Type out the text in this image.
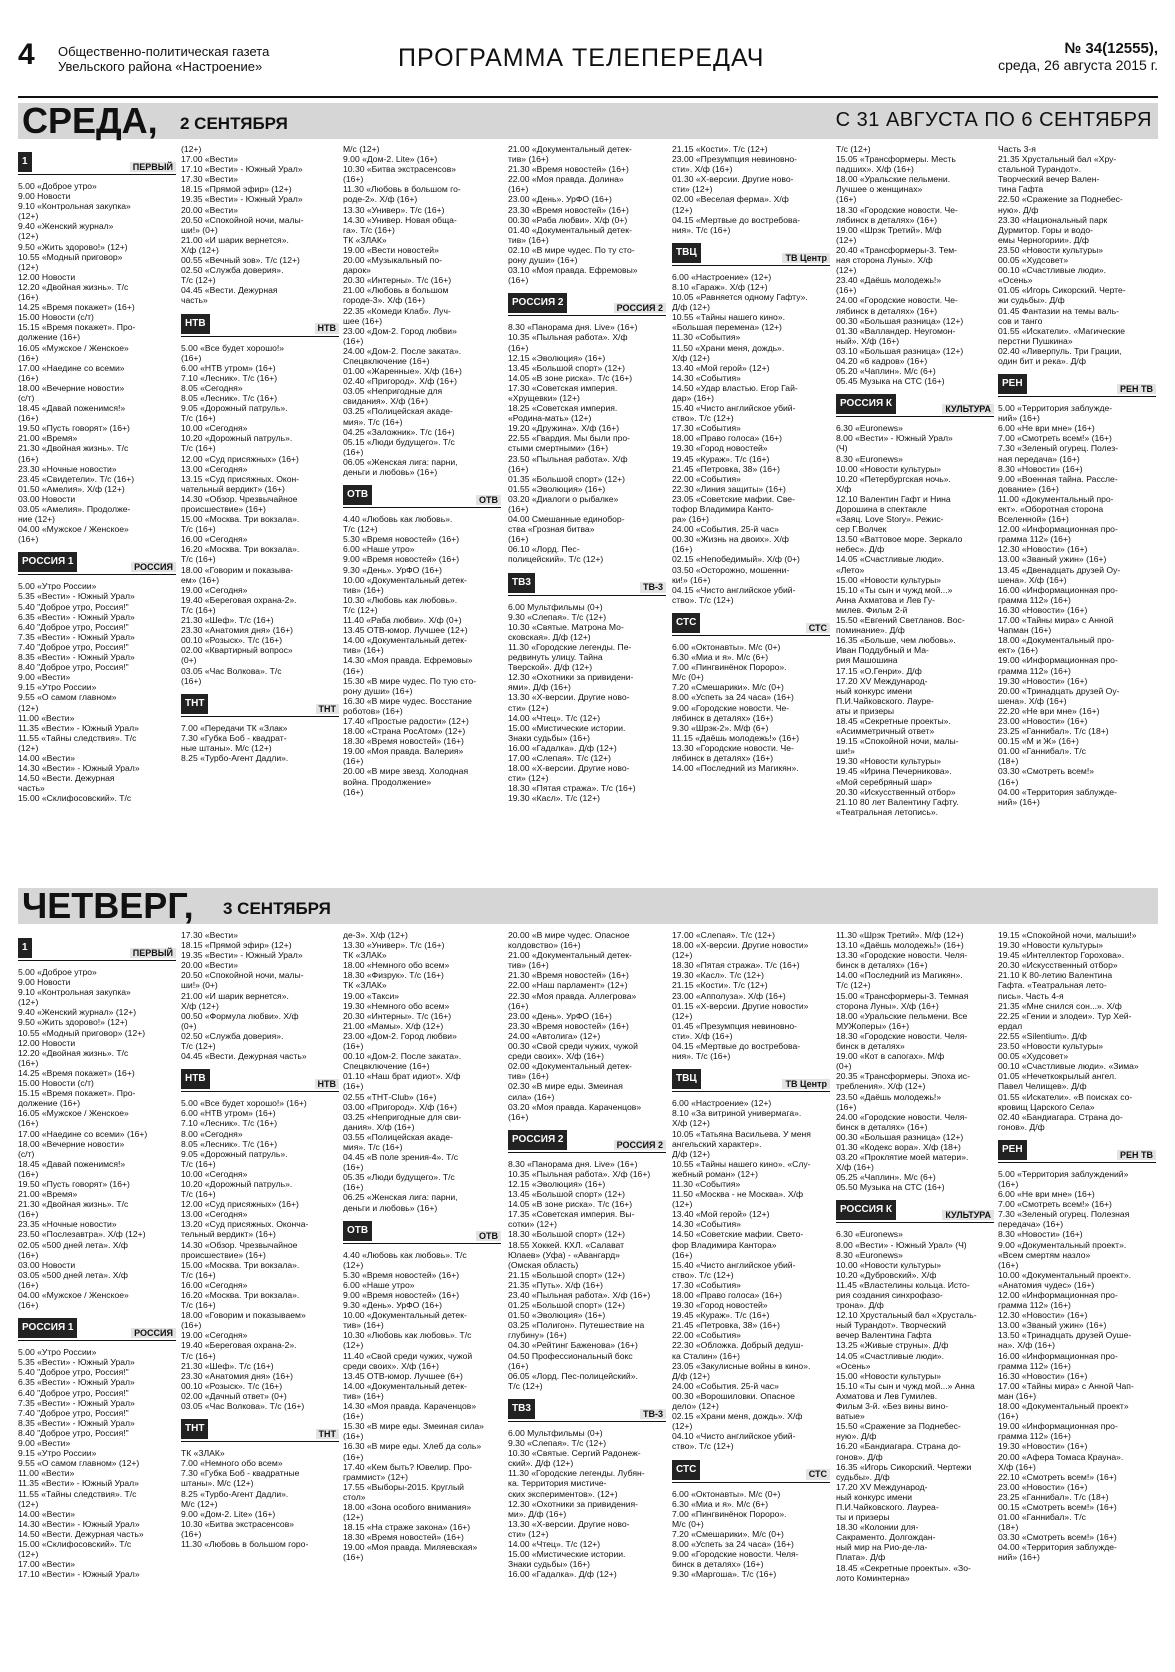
4 Общественно-политическая газета
Увельского района «Настроение»	ПРОГРАММА ТЕЛЕПЕРЕДАЧ	№ 34(12555),
среда, 26 августа 2015 г.
СРЕДА, 2 СЕНТЯБРЯ	С 31 АВГУСТА ПО 6 СЕНТЯБРЯ
1	ПЕРВЫЙ
5.00 «Доброе утро»
9.00 Новости
9.10 «Контрольная закупка»
(12+)
9.40 «Женский журнал»
(12+)
9.50 «Жить здорово!» (12+)
10.55 «Модный приговор»
(12+)
12.00 Новости
12.20 «Двойная жизнь». Т/с
(16+)
14.25 «Время покажет» (16+)
15.00 Новости (с/т)
15.15 «Время покажет». Про-
должение (16+)
16.05 «Мужское / Женское»
(16+)
17.00 «Наедине со всеми»
(16+)
18.00 «Вечерние новости»
(с/т)
18.45 «Давай поженимся!»
(16+)
19.50 «Пусть говорят» (16+)
21.00 «Время»
21.30 «Двойная жизнь». Т/с
(16+)
23.30 «Ночные новости»
23.45 «Свидетели». Т/с (16+)
01.50 «Амелия». Х/ф (12+)
03.00 Новости
03.05 «Амелия». Продолже-
ние (12+)
04.00 «Мужское / Женское»
(16+)
РОССИЯ 1	РОССИЯ
5.00 «Утро России»
5.35 «Вести» - Южный Урал»
5.40 "Доброе утро, Россия!"
6.35 «Вести» - Южный Урал»
6.40 "Доброе утро, Россия!"
7.35 «Вести» - Южный Урал»
7.40 "Доброе утро, Россия!"
8.35 «Вести» - Южный Урал»
8.40 "Доброе утро, Россия!"
9.00 «Вести»
9.15 «Утро России»
9.55 «О самом главном»
(12+)
11.00 «Вести»
11.35 «Вести» - Южный Урал»
11.55 «Тайны следствия». Т/с
(12+)
14.00 «Вести»
14.30 «Вести» - Южный Урал»
14.50 «Вести. Дежурная
часть»
15.00 «Склифосовский». Т/с
(12+)
17.00 «Вести»
17.10 «Вести» - Южный Урал»
17.30 «Вести»
18.15 «Прямой эфир» (12+)
19.35 «Вести» - Южный Урал»
20.00 «Вести»
20.50 «Спокойной ночи, малы-
ши!» (0+)
21.00 «И шарик вернется».
Х/ф (12+)
00.55 «Вечный зов». Т/с (12+)
02.50 «Служба доверия».
Т/с (12+)
04.45 «Вести. Дежурная
часть»
НТВ	НТВ
5.00 «Все будет хорошо!»
(16+)
6.00 «НТВ утром» (16+)
7.10 «Лесник». Т/с (16+)
8.05 «Сегодня»
8.05 «Лесник». Т/с (16+)
9.05 «Дорожный патруль».
Т/с (16+)
10.00 «Сегодня»
10.20 «Дорожный патруль».
Т/с (16+)
12.00 «Суд присяжных» (16+)
13.00 «Сегодня»
13.15 «Суд присяжных. Окон-
чательный вердикт» (16+)
14.30 «Обзор. Чрезвычайное
происшествие» (16+)
15.00 «Москва. Три вокзала».
Т/с (16+)
16.00 «Сегодня»
16.20 «Москва. Три вокзала».
Т/с (16+)
18.00 «Говорим и показыва-
ем» (16+)
19.00 «Сегодня»
19.40 «Береговая охрана-2».
Т/с (16+)
21.30 «Шеф». Т/с (16+)
23.30 «Анатомия дня» (16+)
00.10 «Розыск». Т/с (16+)
02.00 «Квартирный вопрос»
(0+)
03.05 «Час Волкова». Т/с
(16+)
ТНТ	ТНТ
7.00 «Передачи ТК «Злак»
7.30 «Губка Боб - квадрат-
ные штаны». М/с (12+)
8.25 «Турбо-Агент Дадли».
М/с (12+)
9.00 «Дом-2. Lite» (16+)
10.30 «Битва экстрасенсов»
(16+)
11.30 «Любовь в большом го-
роде-2». Х/ф (16+)
13.30 «Универ». Т/с (16+)
14.30 «Универ. Новая обща-
га». Т/с (16+)
ТК «ЗЛАК»
19.00 «Вести новостей»
20.00 «Музыкальный по-
дарок»
20.30 «Интерны». Т/с (16+)
21.00 «Любовь в большом
городе-3». Х/ф (16+)
22.35 «Комеди Клаб». Луч-
шее (16+)
23.00 «Дом-2. Город любви»
(16+)
24.00 «Дом-2. После заката».
Спецвключение (16+)
01.00 «Жаренные». Х/ф (16+)
02.40 «Пригород». Х/ф (16+)
03.05 «Непригодные для
свидания». Х/ф (16+)
03.25 «Полицейская акаде-
мия». Т/с (16+)
04.25 «Заложник». Т/с (16+)
05.15 «Люди будущего». Т/с
(16+)
06.05 «Женская лига: парни,
деньги и любовь» (16+)
ОТВ	ОТВ
4.40 «Любовь как любовь».
Т/с (12+)
5.30 «Время новостей» (16+)
6.00 «Наше утро»
9.00 «Время новостей» (16+)
9.30 «День». УрФО (16+)
10.00 «Документальный детек-
тив» (16+)
10.30 «Любовь как любовь».
Т/с (12+)
11.40 «Раба любви». Х/ф (0+)
13.45 ОТВ-юмор. Лучшее (12+)
14.00 «Документальный детек-
тив» (16+)
14.30 «Моя правда. Ефремовы»
(16+)
15.30 «В мире чудес. По тую сто-
рону души» (16+)
16.30 «В мире чудес. Восстание
роботов» (16+)
17.40 «Простые радости» (12+)
18.00 «Страна РосАтом» (12+)
18.30 «Время новостей» (16+)
19.00 «Моя правда. Валерия»
(16+)
20.00 «В мире звезд. Холодная
война. Продолжение»
(16+)
21.00 «Документальный детек-
тив» (16+)
21.30 «Время новостей» (16+)
22.00 «Моя правда. Долина»
(16+)
23.00 «День». УрФО (16+)
23.30 «Время новостей» (16+)
00.30 «Раба любви». Х/ф (0+)
01.40 «Документальный детек-
тив» (16+)
02.10 «В мире чудес. По ту сто-
рону души» (16+)
03.10 «Моя правда. Ефремовы»
(16+)
РОССИЯ 2	РОССИЯ 2
8.30 «Панорама дня. Live» (16+)
10.35 «Пыльная работа». Х/ф
(16+)
12.15 «Эволюция» (16+)
13.45 «Большой спорт» (12+)
14.05 «В зоне риска». Т/с (16+)
17.30 «Советская империя.
«Хрущевки» (12+)
18.25 «Советская империя.
«Родина-мать» (12+)
19.20 «Дружина». Х/ф (16+)
22.55 «Гвардия. Мы были про-
стыми смертными» (16+)
23.50 «Пыльная работа». Х/ф
(16+)
01.35 «Большой спорт» (12+)
01.55 «Эволюция» (16+)
03.20 «Диалоги о рыбалке»
(16+)
04.00 Смешанные единобор-
ства «Грозная битва»
(16+)
06.10 «Лорд. Пес-
полицейский». Т/с (12+)
ТВ3	ТВ-3
6.00 Мультфильмы (0+)
9.30 «Слепая». Т/с (12+)
10.30 «Святые. Матрона Мо-
сковская». Д/ф (12+)
11.30 «Городские легенды. Пе-
редвинуть улицу. Тайна
Тверской». Д/ф (12+)
12.30 «Охотники за привидени-
ями». Д/ф (16+)
13.30 «Х-версии. Другие ново-
сти» (12+)
14.00 «Чтец». Т/с (12+)
15.00 «Мистические истории.
Знаки судьбы» (16+)
16.00 «Гадалка». Д/ф (12+)
17.00 «Слепая». Т/с (12+)
18.00 «Х-версии. Другие ново-
сти» (12+)
18.30 «Пятая стража». Т/с (16+)
19.30 «Касл». Т/с (12+)
21.15 «Кости». Т/с (12+)
23.00 «Презумпция невиновно-
сти». Х/ф (16+)
01.30 «Х-версии. Другие ново-
сти» (12+)
02.00 «Веселая ферма». Х/ф
(12+)
04.15 «Мертвые до востребова-
ния». Т/с (16+)
ТВЦ	ТВ Центр
6.00 «Настроение» (12+)
8.10 «Гараж». Х/ф (12+)
10.05 «Равняется одному Гафту».
Д/ф (12+)
10.55 «Тайны нашего кино».
«Большая перемена» (12+)
11.30 «События»
11.50 «Храни меня, дождь».
Х/ф (12+)
13.40 «Мой герой» (12+)
14.30 «События»
14.50 «Удар властью. Егор Гай-
дар» (16+)
15.40 «Чисто английское убий-
ство». Т/с (12+)
17.30 «События»
18.00 «Право голоса» (16+)
19.30 «Город новостей»
19.45 «Кураж». Т/с (16+)
21.45 «Петровка, 38» (16+)
22.00 «События»
22.30 «Линия защиты» (16+)
23.05 «Советские мафии. Све-
тофор Владимира Канто-
ра» (16+)
24.00 «События. 25-й час»
00.30 «Жизнь на двоих». Х/ф
(16+)
02.15 «Непобедимый». Х/ф (0+)
03.50 «Осторожно, мошенни-
ки!» (16+)
04.15 «Чисто английское убий-
ство». Т/с (12+)
СТС	СТС
6.00 «Октонавты». М/с (0+)
6.30 «Миа и я». М/с (6+)
7.00 «Пингвинёнок Пороро».
М/с (0+)
7.20 «Смешарики». М/с (0+)
8.00 «Успеть за 24 часа» (16+)
9.00 «Городские новости. Че-
лябинск в деталях» (16+)
9.30 «Шрэк-2». М/ф (6+)
11.15 «Даёшь молодежь!» (16+)
13.30 «Городские новости. Че-
лябинск в деталях» (16+)
14.00 «Последний из Магикян».
Т/с (12+)
15.05 «Трансформеры. Месть
падших». Х/ф (16+)
18.00 «Уральские пельмени.
Лучшее о женщинах»
(16+)
18.30 «Городские новости. Че-
лябинск в деталях» (16+)
19.00 «Шрэк Третий». М/ф
(12+)
20.40 «Трансформеры-3. Тем-
ная сторона Луны». Х/ф
(12+)
23.40 «Даёшь молодежь!»
(16+)
24.00 «Городские новости. Че-
лябинск в деталях» (16+)
00.30 «Большая разница» (12+)
01.30 «Валландер. Неугомон-
ный». Х/ф (16+)
03.10 «Большая разница» (12+)
04.20 «6 кадров» (16+)
05.20 «Чаплин». М/с (6+)
05.45 Музыка на СТС (16+)
РОССИЯ К	КУЛЬТУРА
6.30 «Euronews»
8.00 «Вести» - Южный Урал»
(Ч)
8.30 «Euronews»
10.00 «Новости культуры»
10.20 «Петербургская ночь».
Х/ф
12.10 Валентин Гафт и Нина
Дорошина в спектакле
«Заяц. Love Story». Режис-
сер Г.Волчек
13.50 «Ваттовое море. Зеркало
небес». Д/ф
14.05 «Счастливые люди».
«Лето»
15.00 «Новости культуры»
15.10 «Ты сын и чужд мой...»
Анна Ахматова и Лев Гу-
милев. Фильм 2-й
15.50 «Евгений Светланов. Вос-
поминание». Д/ф
16.35 «Больше, чем любовь».
Иван Поддубный и Ма-
рия Машошина
17.15 «О.Генри». Д/ф
17.20 XV Международ-
ный конкурс имени
П.И.Чайковского. Лауре-
аты и призеры
18.45 «Секретные проекты».
«Асимметричный ответ»
19.15 «Спокойной ночи, малы-
ши!»
19.30 «Новости культуры»
19.45 «Ирина Печерникова».
«Мой серебряный шар»
20.30 «Искусственный отбор»
21.10 80 лет Валентину Гафту.
«Театральная летопись».
Часть 3-я
21.35 Хрустальный бал «Хру-
стальной Турандот».
Творческий вечер Вален-
тина Гафта
22.50 «Сражение за Поднебес-
ную». Д/ф
23.30 «Национальный парк
Дурмитор. Горы и водо-
емы Черногории». Д/ф
23.50 «Новости культуры»
00.05 «Худсовет»
00.10 «Счастливые люди».
«Осень»
01.05 «Игорь Сикорский. Черте-
жи судьбы». Д/ф
01.45 Фантазии на темы валь-
сов и танго
01.55 «Искатели». «Магические
перстни Пушкина»
02.40 «Ливерпуль. Три Грации,
один бит и река». Д/ф
РЕН	РЕН ТВ
5.00 «Территория заблужде-
ний» (16+)
6.00 «Не ври мне» (16+)
7.00 «Смотреть всем!» (16+)
7.30 «Зеленый огурец. Полез-
ная передача» (16+)
8.30 «Новости» (16+)
9.00 «Военная тайна. Рассле-
дование» (16+)
11.00 «Документальный про-
ект». «Оборотная сторона
Вселенной» (16+)
12.00 «Информационная про-
грамма 112» (16+)
12.30 «Новости» (16+)
13.00 «Званый ужин» (16+)
13.45 «Двенадцать друзей Оу-
шена». Х/ф (16+)
16.00 «Информационная про-
грамма 112» (16+)
16.30 «Новости» (16+)
17.00 «Тайны мира» с Анной
Чапман (16+)
18.00 «Документальный про-
ект» (16+)
19.00 «Информационная про-
грамма 112» (16+)
19.30 «Новости» (16+)
20.00 «Тринадцать друзей Оу-
шена». Х/ф (16+)
22.20 «Не ври мне» (16+)
23.00 «Новости» (16+)
23.25 «Ганнибал». Т/с (18+)
00.15 «М и Ж» (16+)
01.00 «Ганнибал». Т/с
(18+)
03.30 «Смотреть всем!»
(16+)
04.00 «Территория заблужде-
ний» (16+)
ЧЕТВЕРГ, 3 СЕНТЯБРЯ
1	ПЕРВЫЙ
5.00 «Доброе утро»
9.00 Новости
9.10 «Контрольная закупка»
(12+)
9.40 «Женский журнал» (12+)
9.50 «Жить здорово!» (12+)
10.55 «Модный приговор» (12+)
12.00 Новости
12.20 «Двойная жизнь». Т/с
(16+)
14.25 «Время покажет» (16+)
15.00 Новости (с/т)
15.15 «Время покажет». Про-
должение (16+)
16.05 «Мужское / Женское»
(16+)
17.00 «Наедине со всеми» (16+)
18.00 «Вечерние новости»
(с/т)
18.45 «Давай поженимся!»
(16+)
19.50 «Пусть говорят» (16+)
21.00 «Время»
21.30 «Двойная жизнь». Т/с
(16+)
23.35 «Ночные новости»
23.50 «Послезавтра». Х/ф (12+)
02.05 «500 дней лета». Х/ф
(16+)
03.00 Новости
03.05 «500 дней лета». Х/ф
(16+)
04.00 «Мужское / Женское»
(16+)
РОССИЯ 1	РОССИЯ
5.00 «Утро России»
5.35 «Вести» - Южный Урал»
5.40 "Доброе утро, Россия!"
6.35 «Вести» - Южный Урал»
6.40 "Доброе утро, Россия!"
7.35 «Вести» - Южный Урал»
7.40 "Доброе утро, Россия!"
8.35 «Вести» - Южный Урал»
8.40 "Доброе утро, Россия!"
9.00 «Вести»
9.15 «Утро России»
9.55 «О самом главном» (12+)
11.00 «Вести»
11.35 «Вести» - Южный Урал»
11.55 «Тайны следствия». Т/с
(12+)
14.00 «Вести»
14.30 «Вести» - Южный Урал»
14.50 «Вести. Дежурная часть»
15.00 «Склифосовский». Т/с
(12+)
17.00 «Вести»
17.10 «Вести» - Южный Урал»
17.30 «Вести»
18.15 «Прямой эфир» (12+)
19.35 «Вести» - Южный Урал»
20.00 «Вести»
20.50 «Спокойной ночи, малы-
ши!» (0+)
21.00 «И шарик вернется».
Х/ф (12+)
00.50 «Формула любви». Х/ф
(0+)
02.50 «Служба доверия».
Т/с (12+)
04.45 «Вести. Дежурная часть»
НТВ	НТВ
5.00 «Все будет хорошо!» (16+)
6.00 «НТВ утром» (16+)
7.10 «Лесник». Т/с (16+)
8.00 «Сегодня»
8.05 «Лесник». Т/с (16+)
9.05 «Дорожный патруль».
Т/с (16+)
10.00 «Сегодня»
10.20 «Дорожный патруль».
Т/с (16+)
12.00 «Суд присяжных» (16+)
13.00 «Сегодня»
13.20 «Суд присяжных. Оконча-
тельный вердикт» (16+)
14.30 «Обзор. Чрезвычайное
происшествие» (16+)
15.00 «Москва. Три вокзала».
Т/с (16+)
16.00 «Сегодня»
16.20 «Москва. Три вокзала».
Т/с (16+)
18.00 «Говорим и показываем»
(16+)
19.00 «Сегодня»
19.40 «Береговая охрана-2».
Т/с (16+)
21.30 «Шеф». Т/с (16+)
23.30 «Анатомия дня» (16+)
00.10 «Розыск». Т/с (16+)
02.00 «Дачный ответ» (0+)
03.05 «Час Волкова». Т/с (16+)
ТНТ	ТНТ
ТК «ЗЛАК»
7.00 «Немного обо всем»
7.30 «Губка Боб - квадратные
штаны». М/с (12+)
8.25 «Турбо-Агент Дадли».
М/с (12+)
9.00 «Дом-2. Lite» (16+)
10.30 «Битва экстрасенсов»
(16+)
11.30 «Любовь в большом горо-
де-3». Х/ф (12+)
13.30 «Универ». Т/с (16+)
ТК «ЗЛАК»
18.00 «Немного обо всем»
18.30 «Физрук». Т/с (16+)
ТК «ЗЛАК»
19.00 «Такси»
19.30 «Немного обо всем»
20.30 «Интерны». Т/с (16+)
21.00 «Мамы». Х/ф (12+)
23.00 «Дом-2. Город любви»
(16+)
00.10 «Дом-2. После заката».
Спецвключение (16+)
01.10 «Наш брат идиот». Х/ф
(16+)
02.55 «ТНТ-Club» (16+)
03.00 «Пригород». Х/ф (16+)
03.25 «Непригодные для сви-
дания». Х/ф (16+)
03.55 «Полицейская акаде-
мия». Т/с (16+)
04.45 «В поле зрения-4». Т/с
(16+)
05.35 «Люди будущего». Т/с
(16+)
06.25 «Женская лига: парни,
деньги и любовь» (16+)
ОТВ	ОТВ
4.40 «Любовь как любовь». Т/с
(12+)
5.30 «Время новостей» (16+)
6.00 «Наше утро»
9.00 «Время новостей» (16+)
9.30 «День». УрФО (16+)
10.00 «Документальный детек-
тив» (16+)
10.30 «Любовь как любовь». Т/с
(12+)
11.40 «Свой среди чужих, чужой
среди своих». Х/ф (16+)
13.45 ОТВ-юмор. Лучшее (6+)
14.00 «Документальный детек-
тив» (16+)
14.30 «Моя правда. Караченцов»
(16+)
15.30 «В мире еды. Змеиная сила»
(16+)
16.30 «В мире еды. Хлеб да соль»
(16+)
17.40 «Кем быть? Ювелир. Про-
граммист» (12+)
17.55 «Выборы-2015. Круглый
стол»
18.00 «Зона особого внимания»
(12+)
18.15 «На страже закона» (16+)
18.30 «Время новостей» (16+)
19.00 «Моя правда. Миляевская»
(16+)
20.00 «В мире чудес. Опасное
колдовство» (16+)
21.00 «Документальный детек-
тив» (16+)
21.30 «Время новостей» (16+)
22.00 «Наш парламент» (12+)
22.30 «Моя правда. Аллегрова»
(16+)
23.00 «День». УрФО (16+)
23.30 «Время новостей» (16+)
24.00 «Автолига» (12+)
00.30 «Свой среди чужих, чужой
среди своих». Х/ф (16+)
02.00 «Документальный детек-
тив» (16+)
02.30 «В мире еды. Змеиная
сила» (16+)
03.20 «Моя правда. Караченцов»
(16+)
РОССИЯ 2	РОССИЯ 2
8.30 «Панорама дня. Live» (16+)
10.35 «Пыльная работа». Х/ф (16+)
12.15 «Эволюция» (16+)
13.45 «Большой спорт» (12+)
14.05 «В зоне риска». Т/с (16+)
17.35 «Советская империя. Вы-
сотки» (12+)
18.30 «Большой спорт» (12+)
18.55 Хоккей. КХЛ. «Салават
Юлаев» (Уфа) - «Авангард»
(Омская область)
21.15 «Большой спорт» (12+)
21.35 «Путь». Х/ф (16+)
23.40 «Пыльная работа». Х/ф (16+)
01.25 «Большой спорт» (12+)
01.50 «Эволюция» (16+)
03.25 «Полигон». Путешествие на
глубину» (16+)
04.30 «Рейтинг Баженова» (16+)
04.50 Профессиональный бокс
(16+)
06.05 «Лорд. Пес-полицейский».
Т/с (12+)
ТВ3	ТВ-3
6.00 Мультфильмы (0+)
9.30 «Слепая». Т/с (12+)
10.30 «Святые. Сергий Радонеж-
ский». Д/ф (12+)
11.30 «Городские легенды. Лубян-
ка. Территория мистиче-
ских экспериментов». (12+)
12.30 «Охотники за привидения-
ми». Д/ф (16+)
13.30 «Х-версии. Другие ново-
сти» (12+)
14.00 «Чтец». Т/с (12+)
15.00 «Мистические истории.
Знаки судьбы» (16+)
16.00 «Гадалка». Д/ф (12+)
17.00 «Слепая». Т/с (12+)
18.00 «Х-версии. Другие новости»
(12+)
18.30 «Пятая стража». Т/с (16+)
19.30 «Касл». Т/с (12+)
21.15 «Кости». Т/с (12+)
23.00 «Апполуза». Х/ф (16+)
01.15 «Х-версии. Другие новости»
(12+)
01.45 «Презумпция невиновно-
сти». Х/ф (16+)
04.15 «Мертвые до востребова-
ния». Т/с (16+)
ТВЦ	ТВ Центр
6.00 «Настроение» (12+)
8.10 «За витриной универмага».
Х/ф (12+)
10.05 «Татьяна Васильева. У меня
ангельский характер».
Д/ф (12+)
10.55 «Тайны нашего кино». «Слу-
жебный роман» (12+)
11.30 «События»
11.50 «Москва - не Москва». Х/ф
(12+)
13.40 «Мой герой» (12+)
14.30 «События»
14.50 «Советские мафии. Свето-
фор Владимира Кантора»
(16+)
15.40 «Чисто английское убий-
ство». Т/с (12+)
17.30 «События»
18.00 «Право голоса» (16+)
19.30 «Город новостей»
19.45 «Кураж». Т/с (16+)
21.45 «Петровка, 38» (16+)
22.00 «События»
22.30 «Обложка. Добрый дедуш-
ка Сталин» (16+)
23.05 «Закулисные войны в кино».
Д/ф (12+)
24.00 «События. 25-й час»
00.30 «Ворошиловки. Опасное
дело» (12+)
02.15 «Храни меня, дождь». Х/ф
(12+)
04.10 «Чисто английское убий-
ство». Т/с (12+)
СТС	СТС
6.00 «Октонавты». М/с (0+)
6.30 «Миа и я». М/с (6+)
7.00 «Пингвинёнок Пороро».
М/с (0+)
7.20 «Смешарики». М/с (0+)
8.00 «Успеть за 24 часа» (16+)
9.00 «Городские новости. Челя-
бинск в деталях» (16+)
9.30 «Маргоша». Т/с (16+)
11.30 «Шрэк Третий». М/ф (12+)
13.10 «Даёшь молодежь!» (16+)
13.30 «Городские новости. Челя-
бинск в деталях» (16+)
14.00 «Последний из Магикян».
Т/с (12+)
15.00 «Трансформеры-3. Темная
сторона Луны». Х/ф (16+)
18.00 «Уральские пельмени. Все
МУЖоперы» (16+)
18.30 «Городские новости. Челя-
бинск в деталях»
19.00 «Кот в сапогах». М/ф
(0+)
20.35 «Трансформеры. Эпоха ис-
требления». Х/ф (12+)
23.50 «Даёшь молодежь!»
(16+)
24.00 «Городские новости. Челя-
бинск в деталях» (16+)
00.30 «Большая разница» (12+)
01.30 «Кодекс вора». Х/ф (18+)
03.20 «Проклятие моей матери».
Х/ф (16+)
05.25 «Чаплин». М/с (6+)
05.50 Музыка на СТС (16+)
РОССИЯ К	КУЛЬТУРА
6.30 «Euronews»
8.00 «Вести» - Южный Урал» (Ч)
8.30 «Euronews»
10.00 «Новости культуры»
10.20 «Дубровский». Х/ф
11.45 «Властелины кольца. Исто-
рия создания синхрофазо-
трона». Д/ф
12.10 Хрустальный бал «Хрусталь-
ный Турандот». Творческий
вечер Валентина Гафта
13.25 «Живые струны». Д/ф
14.05 «Счастливые люди».
«Осень»
15.00 «Новости культуры»
15.10 «Ты сын и чужд мой...» Анна
Ахматова и Лев Гумилев.
Фильм 3-й. «Без вины вино-
ватые»
15.50 «Сражение за Поднебес-
ную». Д/ф
16.20 «Бандиагара. Страна до-
гонов». Д/ф
16.35 «Игорь Сикорский. Чертежи
судьбы». Д/ф
17.20 XV Международ-
ный конкурс имени
П.И.Чайковского. Лауреа-
ты и призеры
18.30 «Колонии для-
Сакраменто. Долгождан-
ный мир на Рио-де-ла-
Плата». Д/ф
18.45 «Секретные проекты». «Зо-
лото Коминтерна»
19.15 «Спокойной ночи, малыши!»
19.30 «Новости культуры»
19.45 «Интеллектор Горохова».
20.30 «Искусственный отбор»
21.10 К 80-летию Валентина
Гафта. «Театральная лето-
пись». Часть 4-я
21.35 «Мне снился сон...». Х/ф
22.25 «Гении и злодеи». Тур Хей-
ердал
22.55 «Silentium». Д/ф
23.50 «Новости культуры»
00.05 «Худсовет»
00.10 «Счастливые люди». «Зима»
01.05 «Нечеткокрылый ангел.
Павел Челищев». Д/ф
01.55 «Искатели». «В поисках со-
кровищ Царского Села»
02.40 «Бандиагара. Страна до-
гонов». Д/ф
РЕН	РЕН ТВ
5.00 «Территория заблуждений»
(16+)
6.00 «Не ври мне» (16+)
7.00 «Смотреть всем!» (16+)
7.30 «Зеленый огурец. Полезная
передача» (16+)
8.30 «Новости» (16+)
9.00 «Документальный проект».
«Всем смертям назло»
(16+)
10.00 «Документальный проект».
«Анатомия чудес» (16+)
12.00 «Информационная про-
грамма 112» (16+)
12.30 «Новости» (16+)
13.00 «Званый ужин» (16+)
13.50 «Тринадцать друзей Оуше-
на». Х/ф (16+)
16.00 «Информационная про-
грамма 112» (16+)
16.30 «Новости» (16+)
17.00 «Тайны мира» с Анной Чап-
ман (16+)
18.00 «Документальный проект»
(16+)
19.00 «Информационная про-
грамма 112» (16+)
19.30 «Новости» (16+)
20.00 «Афера Томаса Крауна».
Х/ф (16+)
22.10 «Смотреть всем!» (16+)
23.00 «Новости» (16+)
23.25 «Ганнибал». Т/с (18+)
00.15 «Смотреть всем!» (16+)
01.00 «Ганнибал». Т/с
(18+)
03.30 «Смотреть всем!» (16+)
04.00 «Территория заблужде-
ний» (16+)
